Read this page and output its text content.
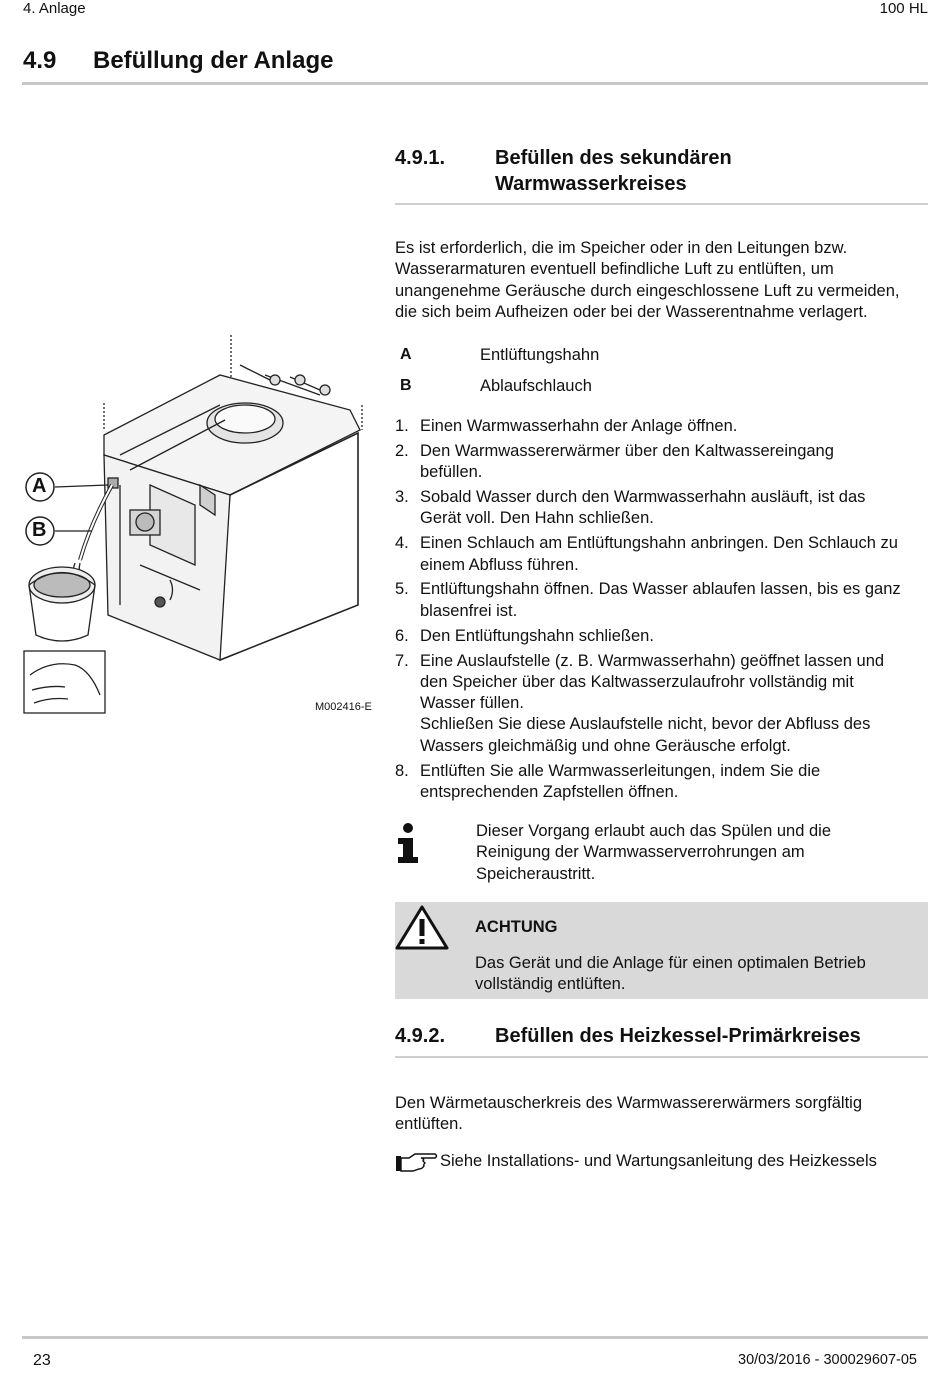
4. Anlage	100 HL
4.9 Befüllung der Anlage
4.9.1. Befüllen des sekundären
Warmwasserkreises
Es ist erforderlich, die im Speicher oder in den Leitungen bzw.
Wasserarmaturen eventuell befindliche Luft zu entlüften, um
unangenehme Geräusche durch eingeschlossene Luft zu vermeiden,
die sich beim Aufheizen oder bei der Wasserentnahme verlagert.
A	Entlüftungshahn
B	Ablaufschlauch
A
B
M002416-E
1. Einen Warmwasserhahn der Anlage öffnen.
2. Den Warmwassererwärmer über den Kaltwassereingang
befüllen.
3. Sobald Wasser durch den Warmwasserhahn ausläuft, ist das
Gerät voll. Den Hahn schließen.
4. Einen Schlauch am Entlüftungshahn anbringen. Den Schlauch zu
einem Abfluss führen.
5. Entlüftungshahn öffnen. Das Wasser ablaufen lassen, bis es ganz
blasenfrei ist.
6. Den Entlüftungshahn schließen.
7. Eine Auslaufstelle (z. B. Warmwasserhahn) geöffnet lassen und
den Speicher über das Kaltwasserzulaufrohr vollständig mit
Wasser füllen.
Schließen Sie diese Auslaufstelle nicht, bevor der Abfluss des
Wassers gleichmäßig und ohne Geräusche erfolgt.
8. Entlüften Sie alle Warmwasserleitungen, indem Sie die
entsprechenden Zapfstellen öffnen.
Dieser Vorgang erlaubt auch das Spülen und die
Reinigung der Warmwasserverrohrungen am
Speicheraustritt.
ACHTUNG
Das Gerät und die Anlage für einen optimalen Betrieb
vollständig entlüften.
4.9.2. Befüllen des Heizkessel-Primärkreises
Den Wärmetauscherkreis des Warmwassererwärmers sorgfältig
entlüften.
Siehe Installations- und Wartungsanleitung des Heizkessels
23	30/03/2016 - 300029607-05
